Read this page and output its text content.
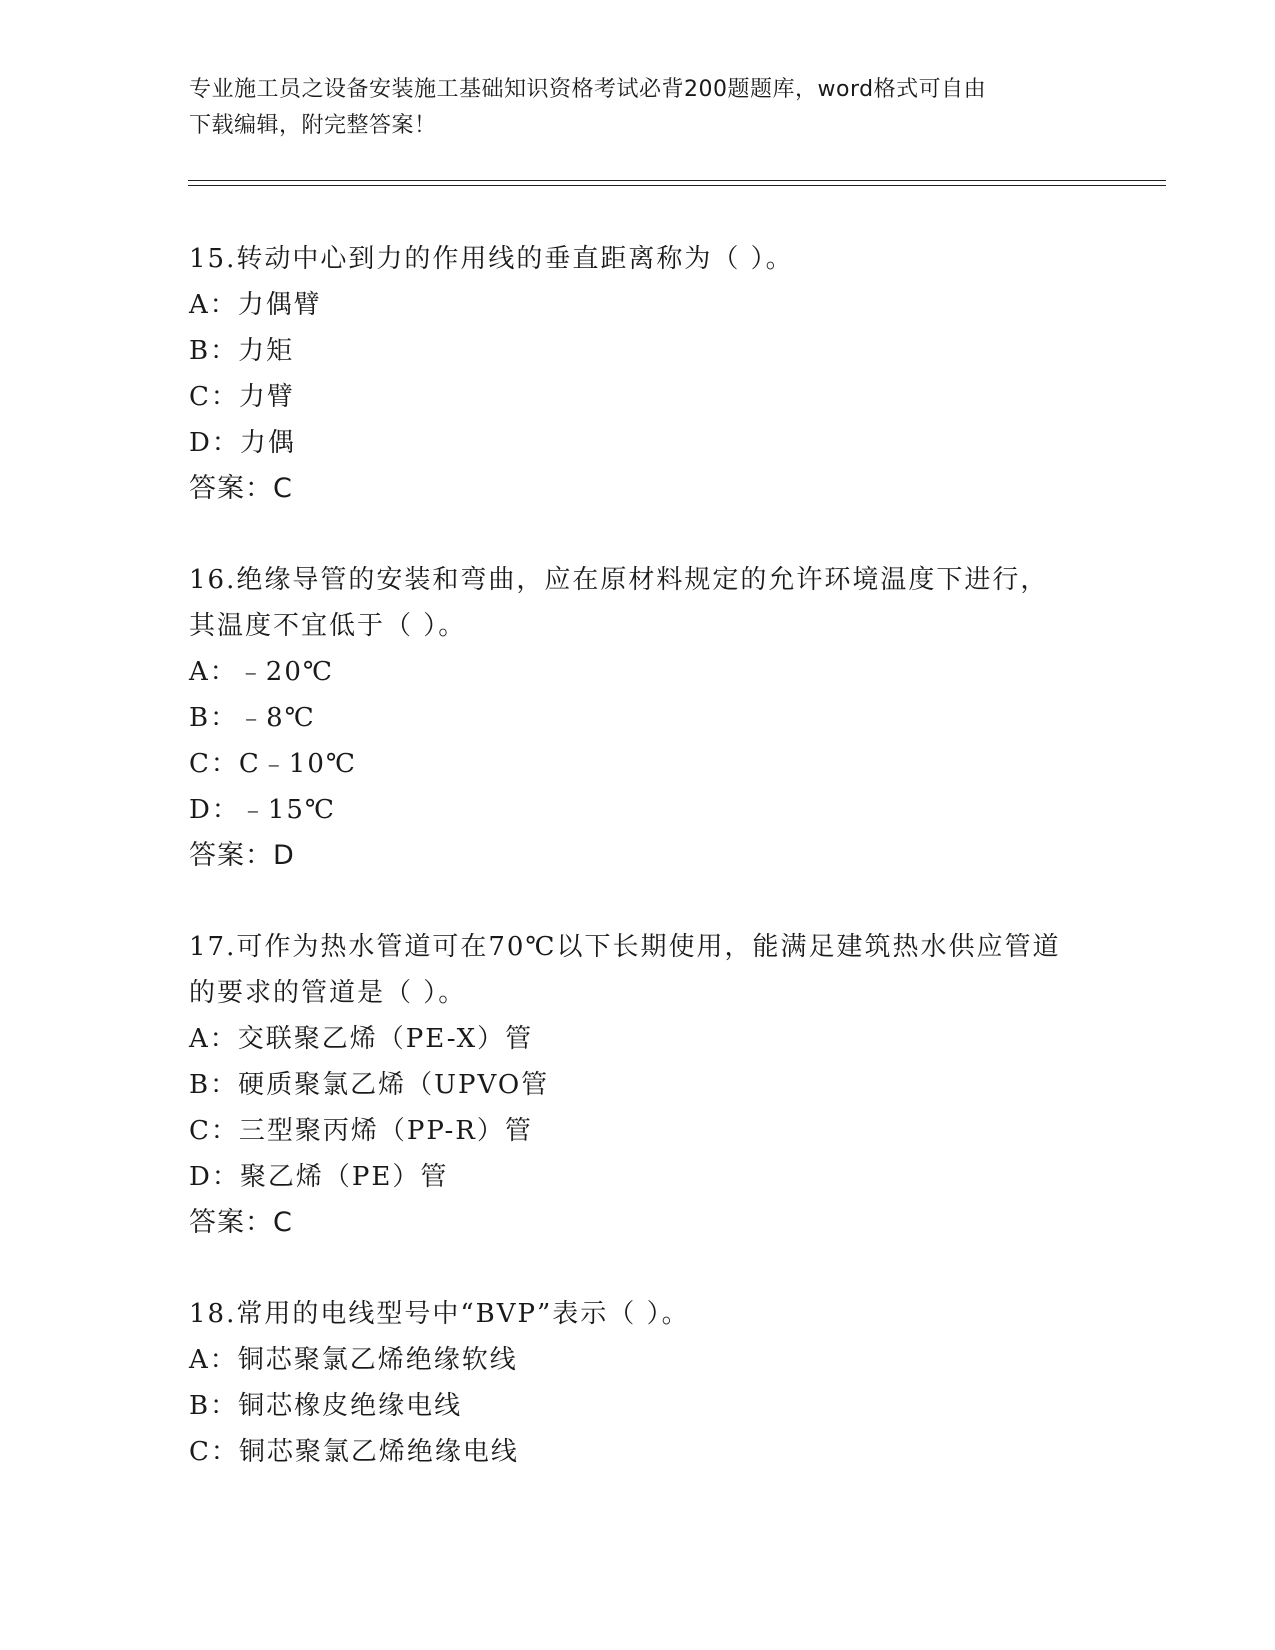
专业施工员之设备安装施工基础知识资格考试必背200题题库，word格式可自由
下载编辑，附完整答案！
15.转动中心到力的作用线的垂直距离称为（ ）。
A：力偶臂
B：力矩
C：力臂
D：力偶
答案：C
16.绝缘导管的安装和弯曲，应在原材料规定的允许环境温度下进行，
其温度不宜低于（ ）。
A：﹣20℃
B：﹣8℃
C：C﹣10℃
D：﹣15℃
答案：D
17.可作为热水管道可在70℃以下长期使用，能满足建筑热水供应管道
的要求的管道是（ ）。
A：交联聚乙烯（PE-X）管
B：硬质聚氯乙烯（UPVO管
C：三型聚丙烯（PP-R）管
D：聚乙烯（PE）管
答案：C
18.常用的电线型号中“BVP”表示（ ）。
A：铜芯聚氯乙烯绝缘软线
B：铜芯橡皮绝缘电线
C：铜芯聚氯乙烯绝缘电线
